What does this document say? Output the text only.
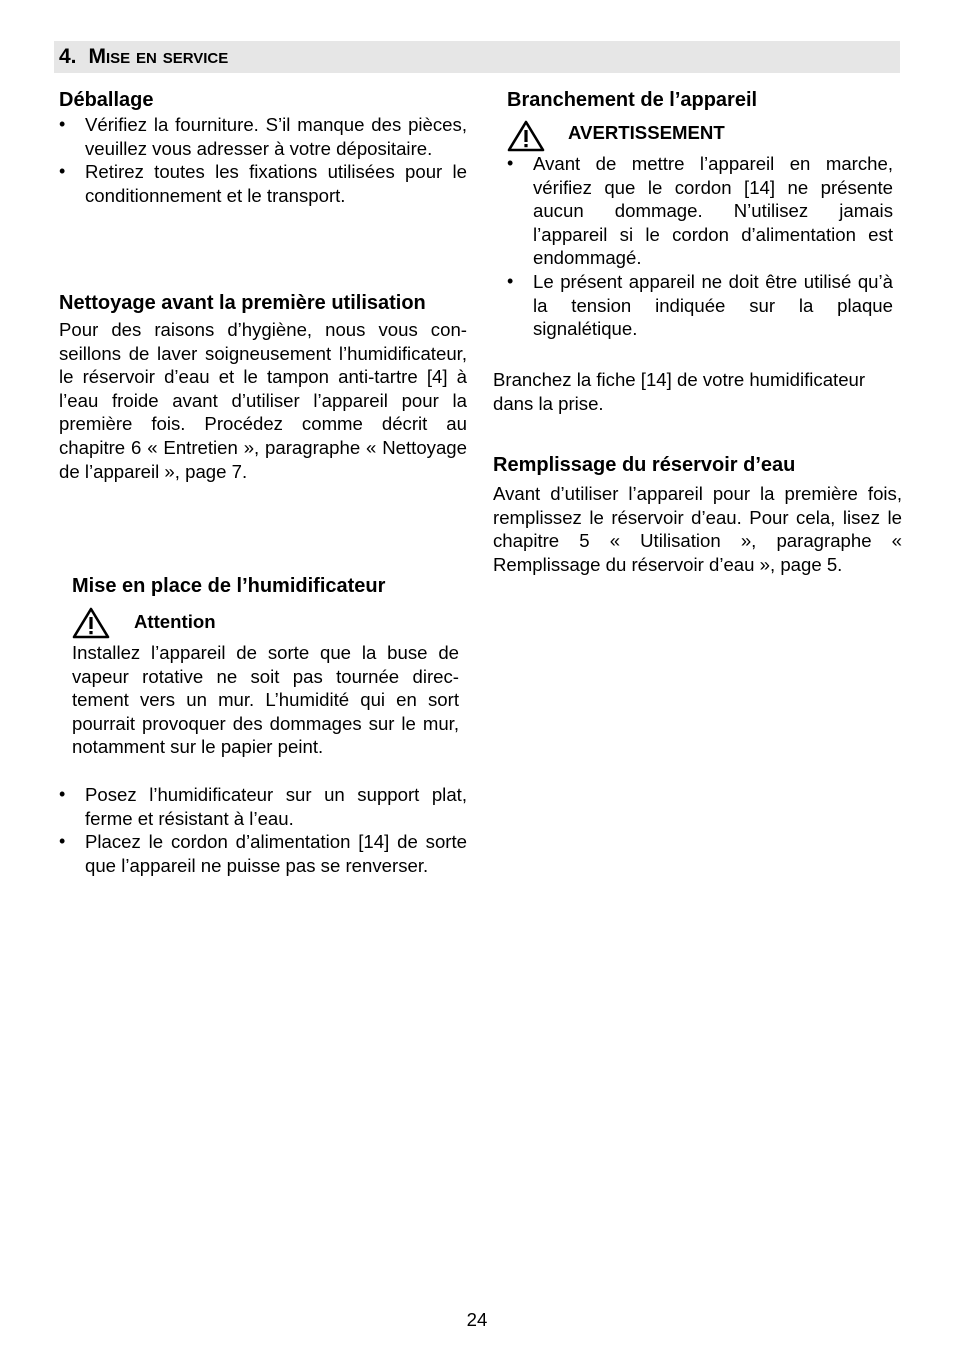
4. Mise en service
Déballage
• Vérifiez la fourniture. S’il manque des pièces, veuillez vous adresser à votre dépositaire.
• Retirez toutes les fixations utilisées pour le conditionnement et le transport.
Nettoyage avant la première utilisation

Pour des raisons d’hygiène, nous vous conseillons de laver soigneusement l’humidificateur, le réservoir d’eau et le tampon anti-tartre [4] à l’eau froide avant d’utiliser l’appareil pour la première fois. Procédez comme décrit au chapitre 6 « Entretien », paragraphe « Nettoyage de l’appareil », page 7.

Mise en place de l’humidificateur
Attention

Installez l’appareil de sorte que la buse de vapeur rotative ne soit pas tournée directement vers un mur. L’humidité qui en sort pourrait provoquer des dommages sur le mur, notamment sur le papier peint.

• Posez l’humidificateur sur un support plat, ferme et résistant à l’eau.
• Placez le cordon d’alimentation [14] de sorte que l’appareil ne puisse pas se renverser.
Branchement de l’appareil
AVERTISSEMENT
• Avant de mettre l’appareil en marche, vérifiez que le cordon [14] ne présente aucun dommage. N’utilisez jamais l’appareil si le cordon d’alimentation est endommagé.
• Le présent appareil ne doit être utilisé qu’à la tension indiquée sur la plaque signalétique.

Branchez la fiche [14] de votre humidificateur dans la prise.

Remplissage du réservoir d’eau

Avant d’utiliser l’appareil pour la première fois, remplissez le réservoir d’eau. Pour cela, lisez le chapitre 5 « Utilisation », paragraphe « Remplissage du réservoir d’eau », page 5.

24
